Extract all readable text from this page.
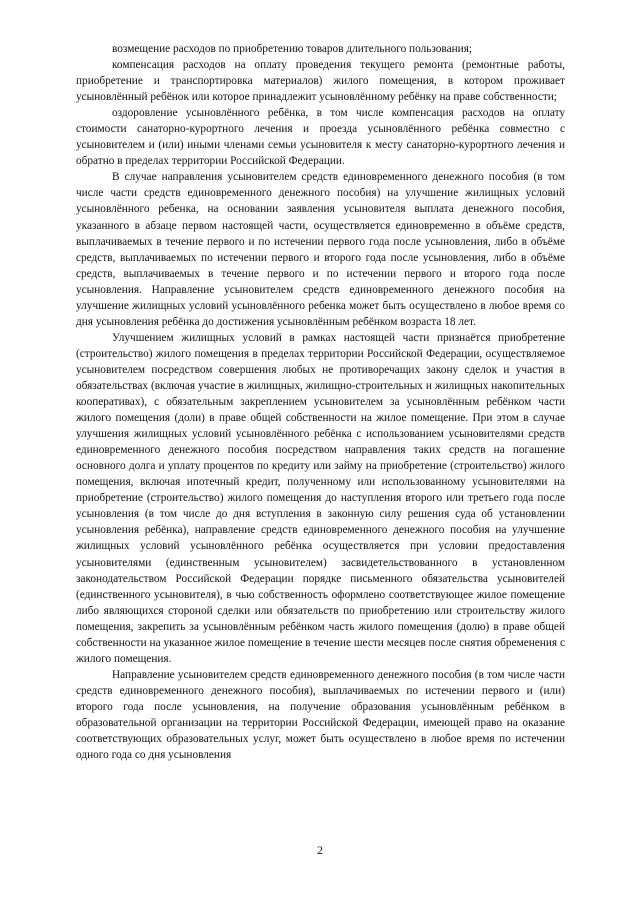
возмещение расходов по приобретению товаров длительного пользования;

компенсация расходов на оплату проведения текущего ремонта (ремонтные работы, приобретение и транспортировка материалов) жилого помещения, в котором проживает усыновлённый ребёнок или которое принадлежит усыновлённому ребёнку на праве собственности;

оздоровление усыновлённого ребёнка, в том числе компенсация расходов на оплату стоимости санаторно-курортного лечения и проезда усыновлённого ребёнка совместно с усыновителем и (или) иными членами семьи усыновителя к месту санаторно-курортного лечения и обратно в пределах территории Российской Федерации.

В случае направления усыновителем средств единовременного денежного пособия (в том числе части средств единовременного денежного пособия) на улучшение жилищных условий усыновлённого ребенка, на основании заявления усыновителя выплата денежного пособия, указанного в абзаце первом настоящей части, осуществляется единовременно в объёме средств, выплачиваемых в течение первого и по истечении первого года после усыновления, либо в объёме средств, выплачиваемых по истечении первого и второго года после усыновления, либо в объёме средств, выплачиваемых в течение первого и по истечении первого и второго года после усыновления. Направление усыновителем средств единовременного денежного пособия на улучшение жилищных условий усыновлённого ребенка может быть осуществлено в любое время со дня усыновления ребёнка до достижения усыновлённым ребёнком возраста 18 лет.

Улучшением жилищных условий в рамках настоящей части признаётся приобретение (строительство) жилого помещения в пределах территории Российской Федерации, осуществляемое усыновителем посредством совершения любых не противоречащих закону сделок и участия в обязательствах (включая участие в жилищных, жилищно-строительных и жилищных накопительных кооперативах), с обязательным закреплением усыновителем за усыновлённым ребёнком части жилого помещения (доли) в праве общей собственности на жилое помещение. При этом в случае улучшения жилищных условий усыновлённого ребёнка с использованием усыновителями средств единовременного денежного пособия посредством направления таких средств на погашение основного долга и уплату процентов по кредиту или займу на приобретение (строительство) жилого помещения, включая ипотечный кредит, полученному или использованному усыновителями на приобретение (строительство) жилого помещения до наступления второго или третьего года после усыновления (в том числе до дня вступления в законную силу решения суда об установлении усыновления ребёнка), направление средств единовременного денежного пособия на улучшение жилищных условий усыновлённого ребёнка осуществляется при условии предоставления усыновителями (единственным усыновителем) засвидетельствованного в установленном законодательством Российской Федерации порядке письменного обязательства усыновителей (единственного усыновителя), в чью собственность оформлено соответствующее жилое помещение либо являющихся стороной сделки или обязательств по приобретению или строительству жилого помещения, закрепить за усыновлённым ребёнком часть жилого помещения (долю) в праве общей собственности на указанное жилое помещение в течение шести месяцев после снятия обременения с жилого помещения.

Направление усыновителем средств единовременного денежного пособия (в том числе части средств единовременного денежного пособия), выплачиваемых по истечении первого и (или) второго года после усыновления, на получение образования усыновлённым ребёнком в образовательной организации на территории Российской Федерации, имеющей право на оказание соответствующих образовательных услуг, может быть осуществлено в любое время по истечении одного года со дня усыновления

2
